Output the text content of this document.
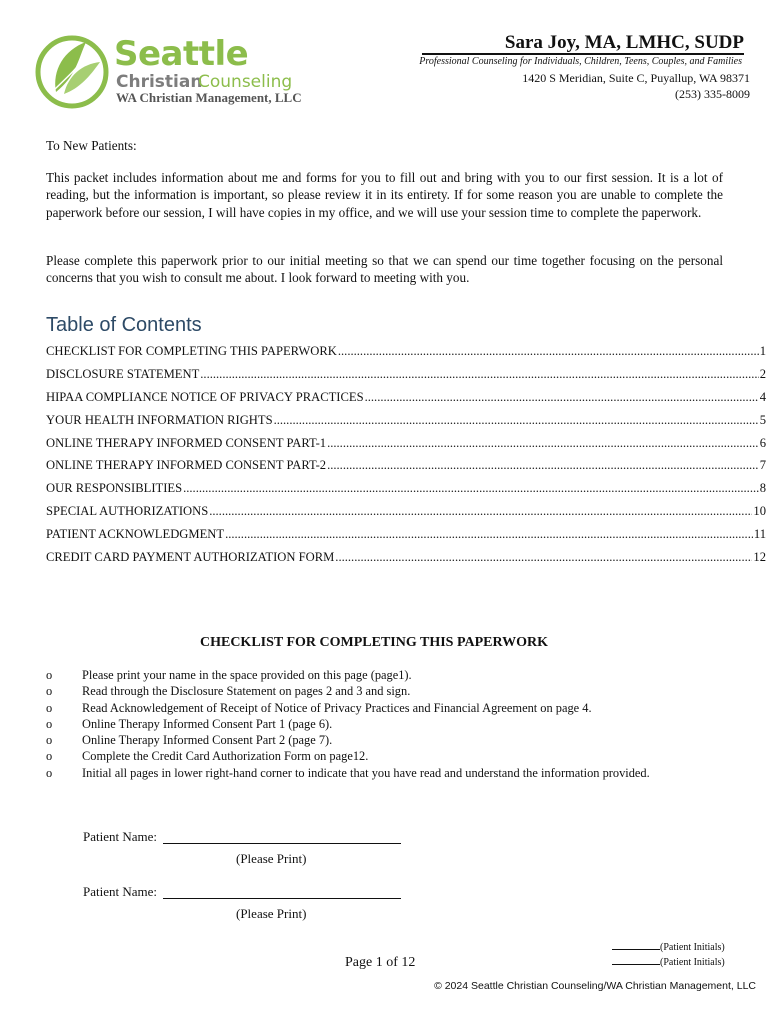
Seattle
Christian
Counseling
WA Christian Management, LLC
Sara Joy, MA, LMHC, SUDP
Professional Counseling for Individuals, Children, Teens, Couples, and Families
1420 S Meridian, Suite C, Puyallup, WA 98371
(253) 335-8009
To New Patients:
This packet includes information about me and forms for you to fill out and bring with you to our first session. It is a lot of reading, but the information is important, so please review it in its entirety. If for some reason you are unable to complete the paperwork before our session, I will have copies in my office, and we will use your session time to complete the paperwork.
Please complete this paperwork prior to our initial meeting so that we can spend our time together focusing on the personal concerns that you wish to consult me about. I look forward to meeting with you.
Table of Contents
CHECKLIST FOR COMPLETING THIS PAPERWORK .....	1
DISCLOSURE STATEMENT .....	2
HIPAA COMPLIANCE NOTICE OF PRIVACY PRACTICES .....	4
YOUR HEALTH INFORMATION RIGHTS .....	5
ONLINE THERAPY INFORMED CONSENT PART-1 .....	6
ONLINE THERAPY INFORMED CONSENT PART-2 .....	7
OUR RESPONSIBLITIES .....	8
SPECIAL AUTHORIZATIONS .....	10
PATIENT ACKNOWLEDGMENT .....	11
CREDIT CARD PAYMENT AUTHORIZATION FORM .....	12
CHECKLIST FOR COMPLETING THIS PAPERWORK
o	Please print your name in the space provided on this page (page1).
o	Read through the Disclosure Statement on pages 2 and 3 and sign.
o	Read Acknowledgement of Receipt of Notice of Privacy Practices and Financial Agreement on page 4.
o	Online Therapy Informed Consent Part 1 (page 6).
o	Online Therapy Informed Consent Part 2 (page 7).
o	Complete the Credit Card Authorization Form on page12.
o	Initial all pages in lower right-hand corner to indicate that you have read and understand the information provided.
Patient Name:
(Please Print)
Patient Name:
(Please Print)
(Patient Initials)
(Patient Initials)
Page 1 of 12
© 2024 Seattle Christian Counseling/WA Christian Management, LLC
